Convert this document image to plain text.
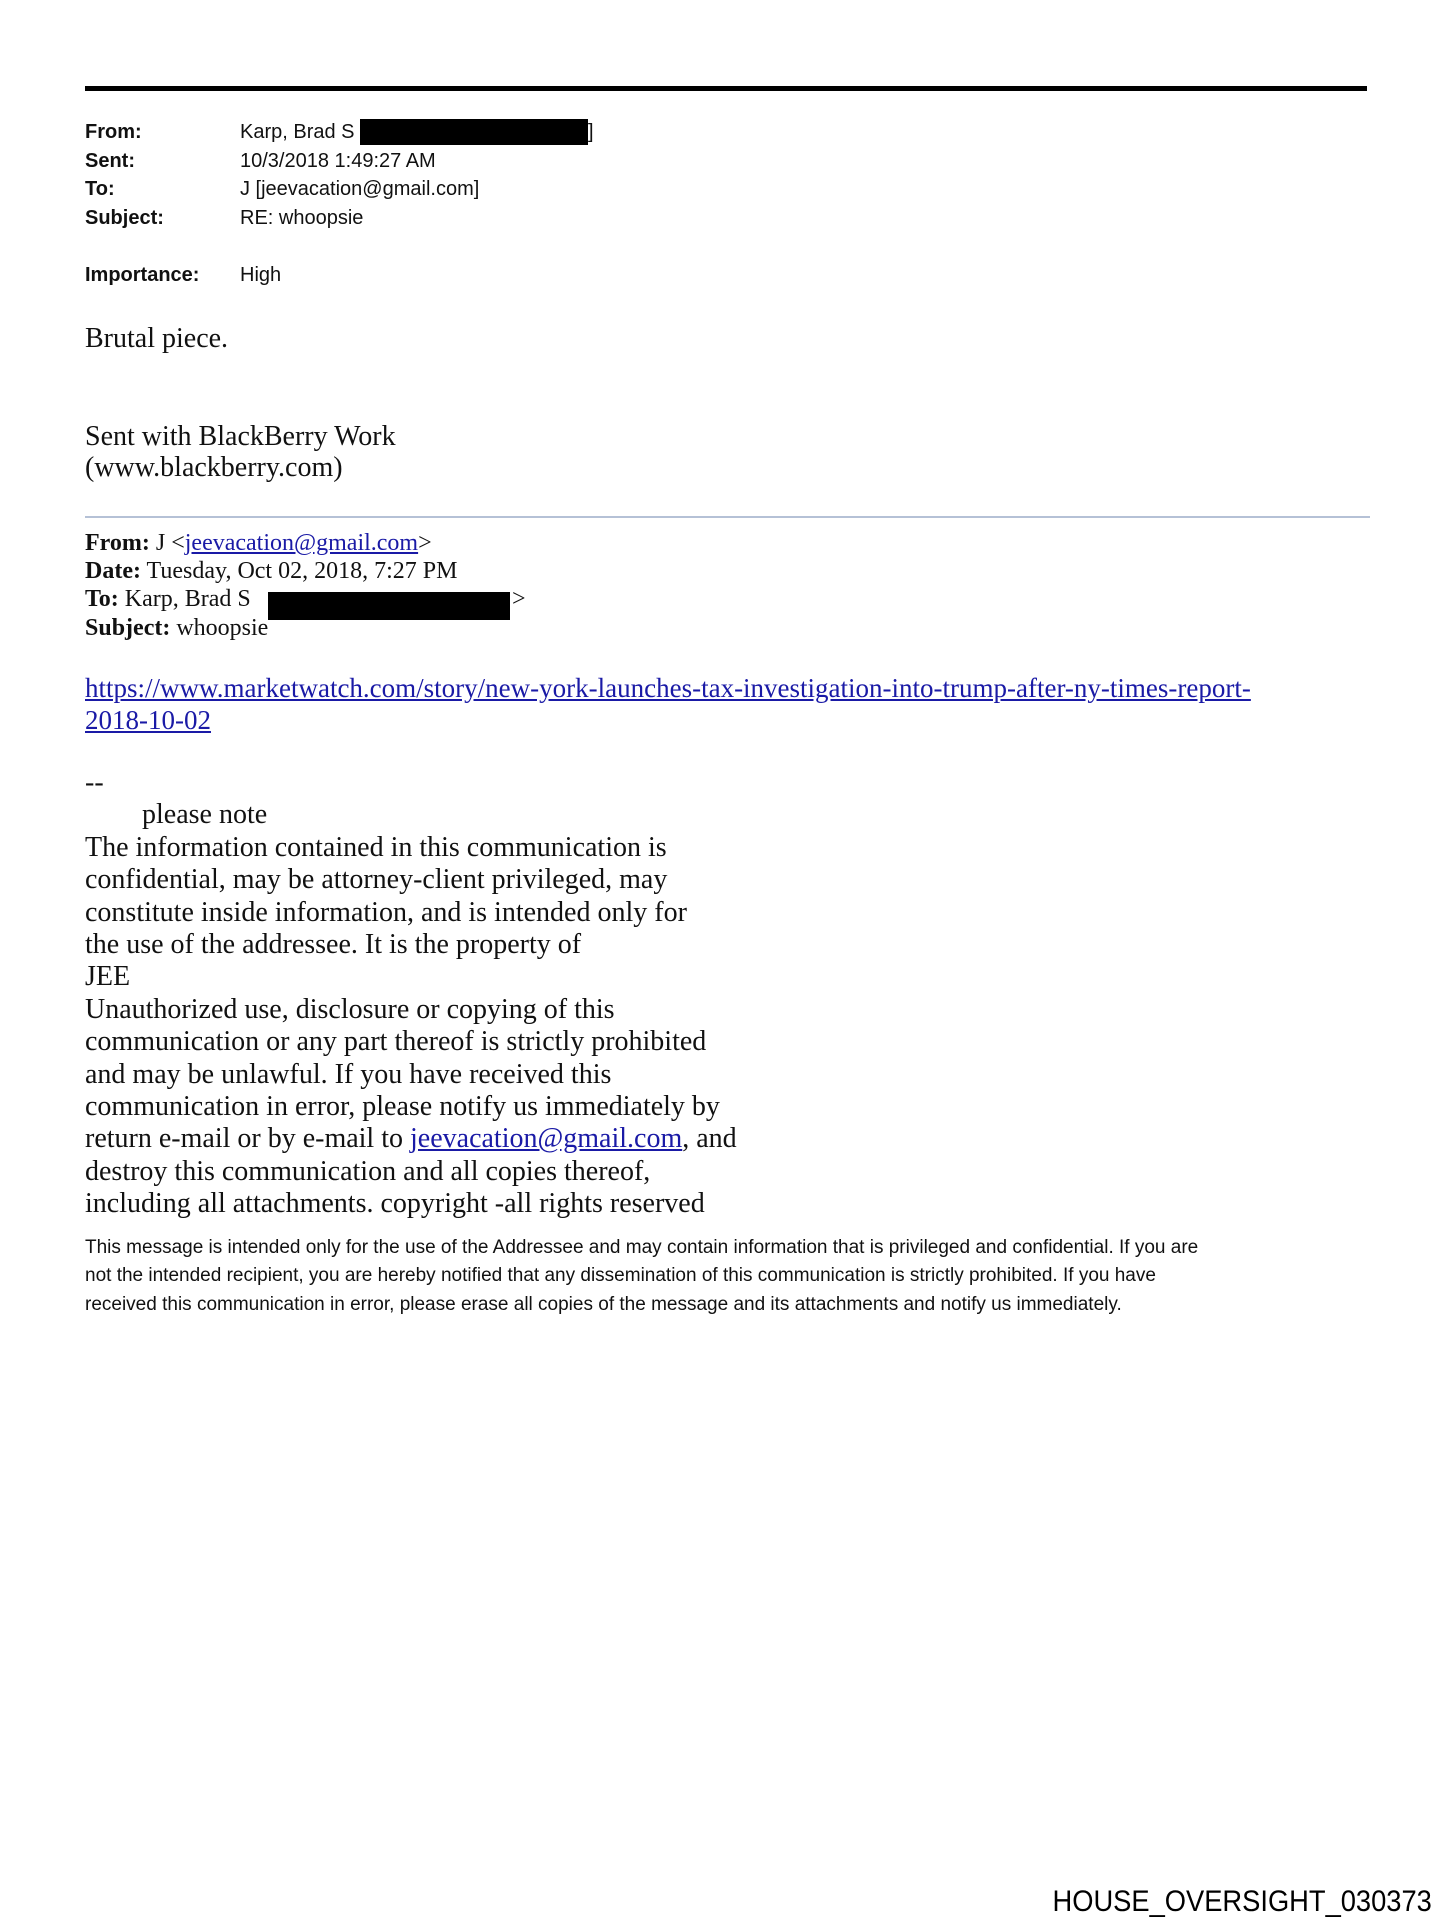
From:	Karp, Brad S
Sent:	10/3/2018 1:49:27 AM
To:	J [jeevacation@gmail.com]
Subject:	RE: whoopsie
]
Importance: High
Brutal piece.
Sent with BlackBerry Work
(www.blackberry.com)
From: J <jeevacation@gmail.com>
Date: Tuesday, Oct 02, 2018, 7:27 PM
To: Karp, Brad S
Subject: whoopsie
>
https://www.marketwatch.com/story/new-york-launches-tax-investigation-into-trump-after-ny-times-report-
2018-10-02
--
please note
The information contained in this communication is
confidential, may be attorney-client privileged, may
constitute inside information, and is intended only for
the use of the addressee. It is the property of
JEE
Unauthorized use, disclosure or copying of this
communication or any part thereof is strictly prohibited
and may be unlawful. If you have received this
communication in error, please notify us immediately by
return e-mail or by e-mail to jeevacation@gmail.com, and
destroy this communication and all copies thereof,
including all attachments. copyright -all rights reserved
This message is intended only for the use of the Addressee and may contain information that is privileged and confidential. If you are
not the intended recipient, you are hereby notified that any dissemination of this communication is strictly prohibited. If you have
received this communication in error, please erase all copies of the message and its attachments and notify us immediately.
HOUSE_OVERSIGHT_030373
